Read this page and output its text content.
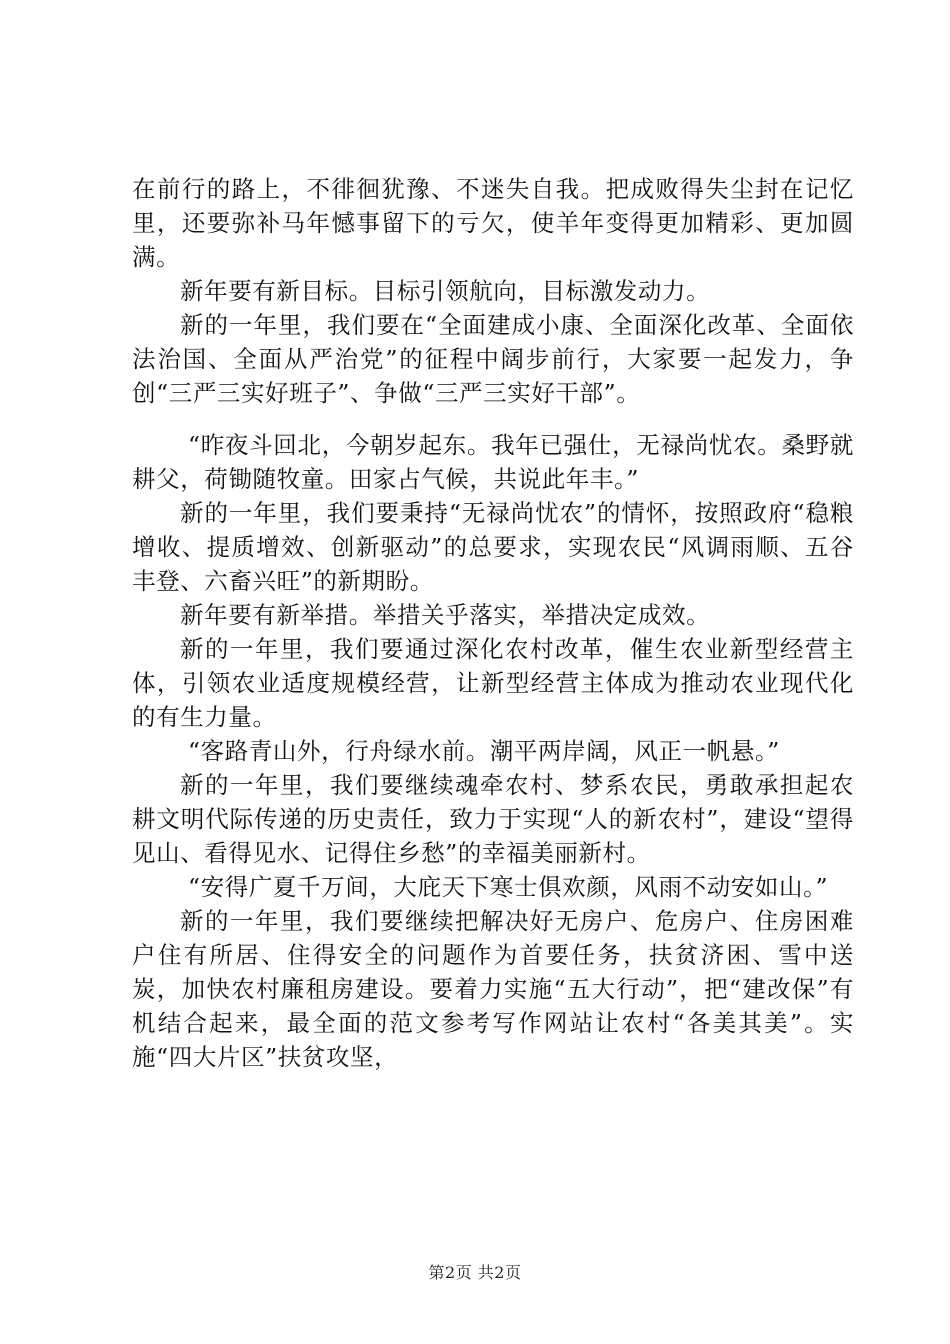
在前行的路上，不徘徊犹豫、不迷失自我。把成败得失尘封在记忆里，还要弥补马年憾事留下的亏欠，使羊年变得更加精彩、更加圆满。

新年要有新目标。目标引领航向，目标激发动力。

新的一年里，我们要在“全面建成小康、全面深化改革、全面依法治国、全面从严治党”的征程中阔步前行，大家要一起发力，争创“三严三实好班子”、争做“三严三实好干部”。

“昨夜斗回北，今朝岁起东。我年已强仕，无禄尚忧农。桑野就耕父，荷锄随牧童。田家占气候，共说此年丰。”

新的一年里，我们要秉持“无禄尚忧农”的情怀，按照政府“稳粮增收、提质增效、创新驱动”的总要求，实现农民“风调雨顺、五谷丰登、六畜兴旺”的新期盼。

新年要有新举措。举措关乎落实，举措决定成效。

新的一年里，我们要通过深化农村改革，催生农业新型经营主体，引领农业适度规模经营，让新型经营主体成为推动农业现代化的有生力量。

“客路青山外，行舟绿水前。潮平两岸阔，风正一帆悬。”

新的一年里，我们要继续魂牵农村、梦系农民，勇敢承担起农耕文明代际传递的历史责任，致力于实现“人的新农村”，建设“望得见山、看得见水、记得住乡愁”的幸福美丽新村。

“安得广夏千万间，大庇天下寒士俱欢颜，风雨不动安如山。”

新的一年里，我们要继续把解决好无房户、危房户、住房困难户住有所居、住得安全的问题作为首要任务，扶贫济困、雪中送炭，加快农村廉租房建设。要着力实施“五大行动”，把“建改保”有机结合起来，最全面的范文参考写作网站让农村“各美其美”。实施“四大片区”扶贫攻坚，

第2页 共2页
